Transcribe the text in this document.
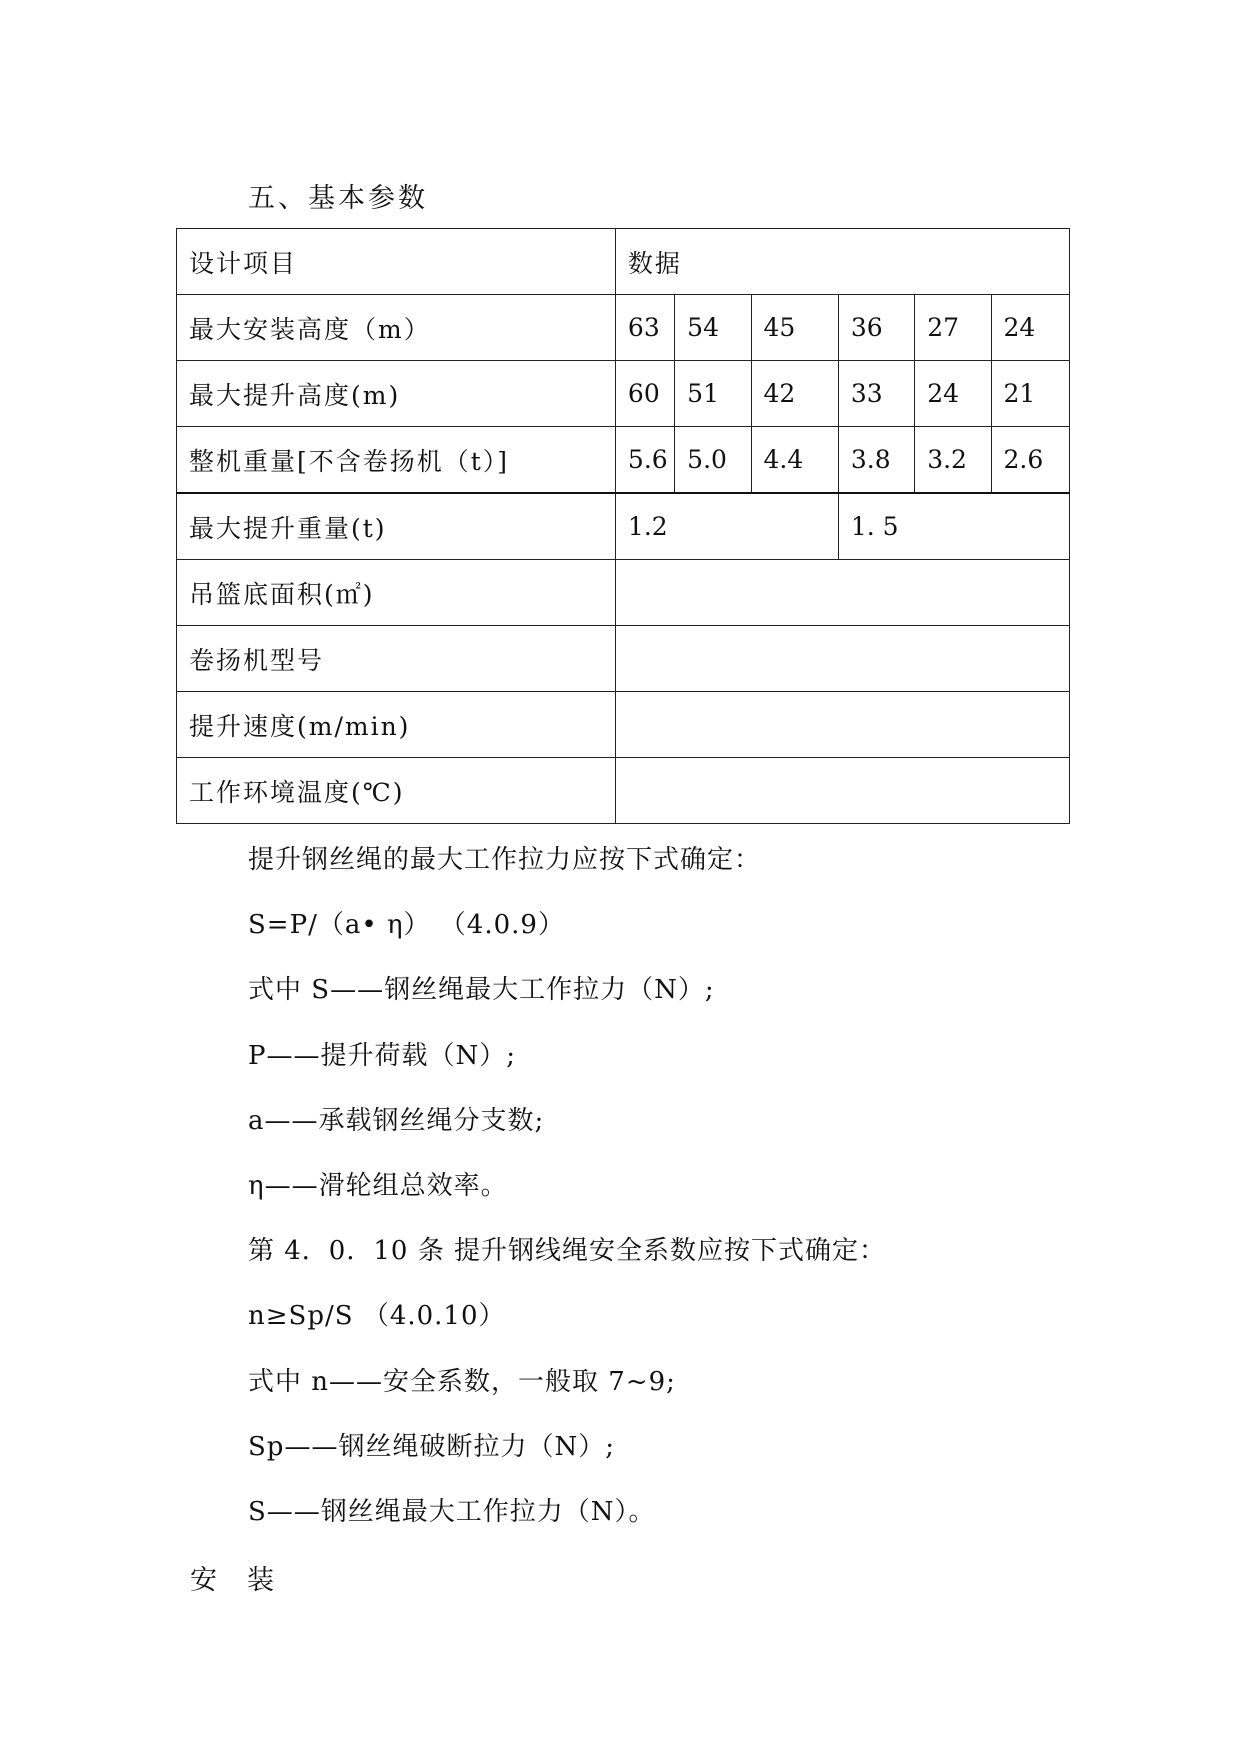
五、基本参数
设计项目	数据					
最大安装高度（m）	63	54	45	36	27	24
最大提升高度(m)	60	51	42	33	24	21
整机重量[不含卷扬机（t）]	5.6	5.0	4.4	3.8	3.2	2.6
最大提升重量(t)	1.2			1. 5		
吊篮底面积(㎡)						
卷扬机型号						
提升速度(m/min)						
工作环境温度(℃)						
提升钢丝绳的最大工作拉力应按下式确定：
S=P/（a• η） （4.0.9）
式中 S——钢丝绳最大工作拉力（N）;
P——提升荷载（N）;
a——承载钢丝绳分支数;
η——滑轮组总效率。
第 4．0．10 条 提升钢线绳安全系数应按下式确定：
n≥Sp/S （4.0.10）
式中 n——安全系数，一般取 7~9;
Sp——钢丝绳破断拉力（N）;
S——钢丝绳最大工作拉力（N）。
安 装
